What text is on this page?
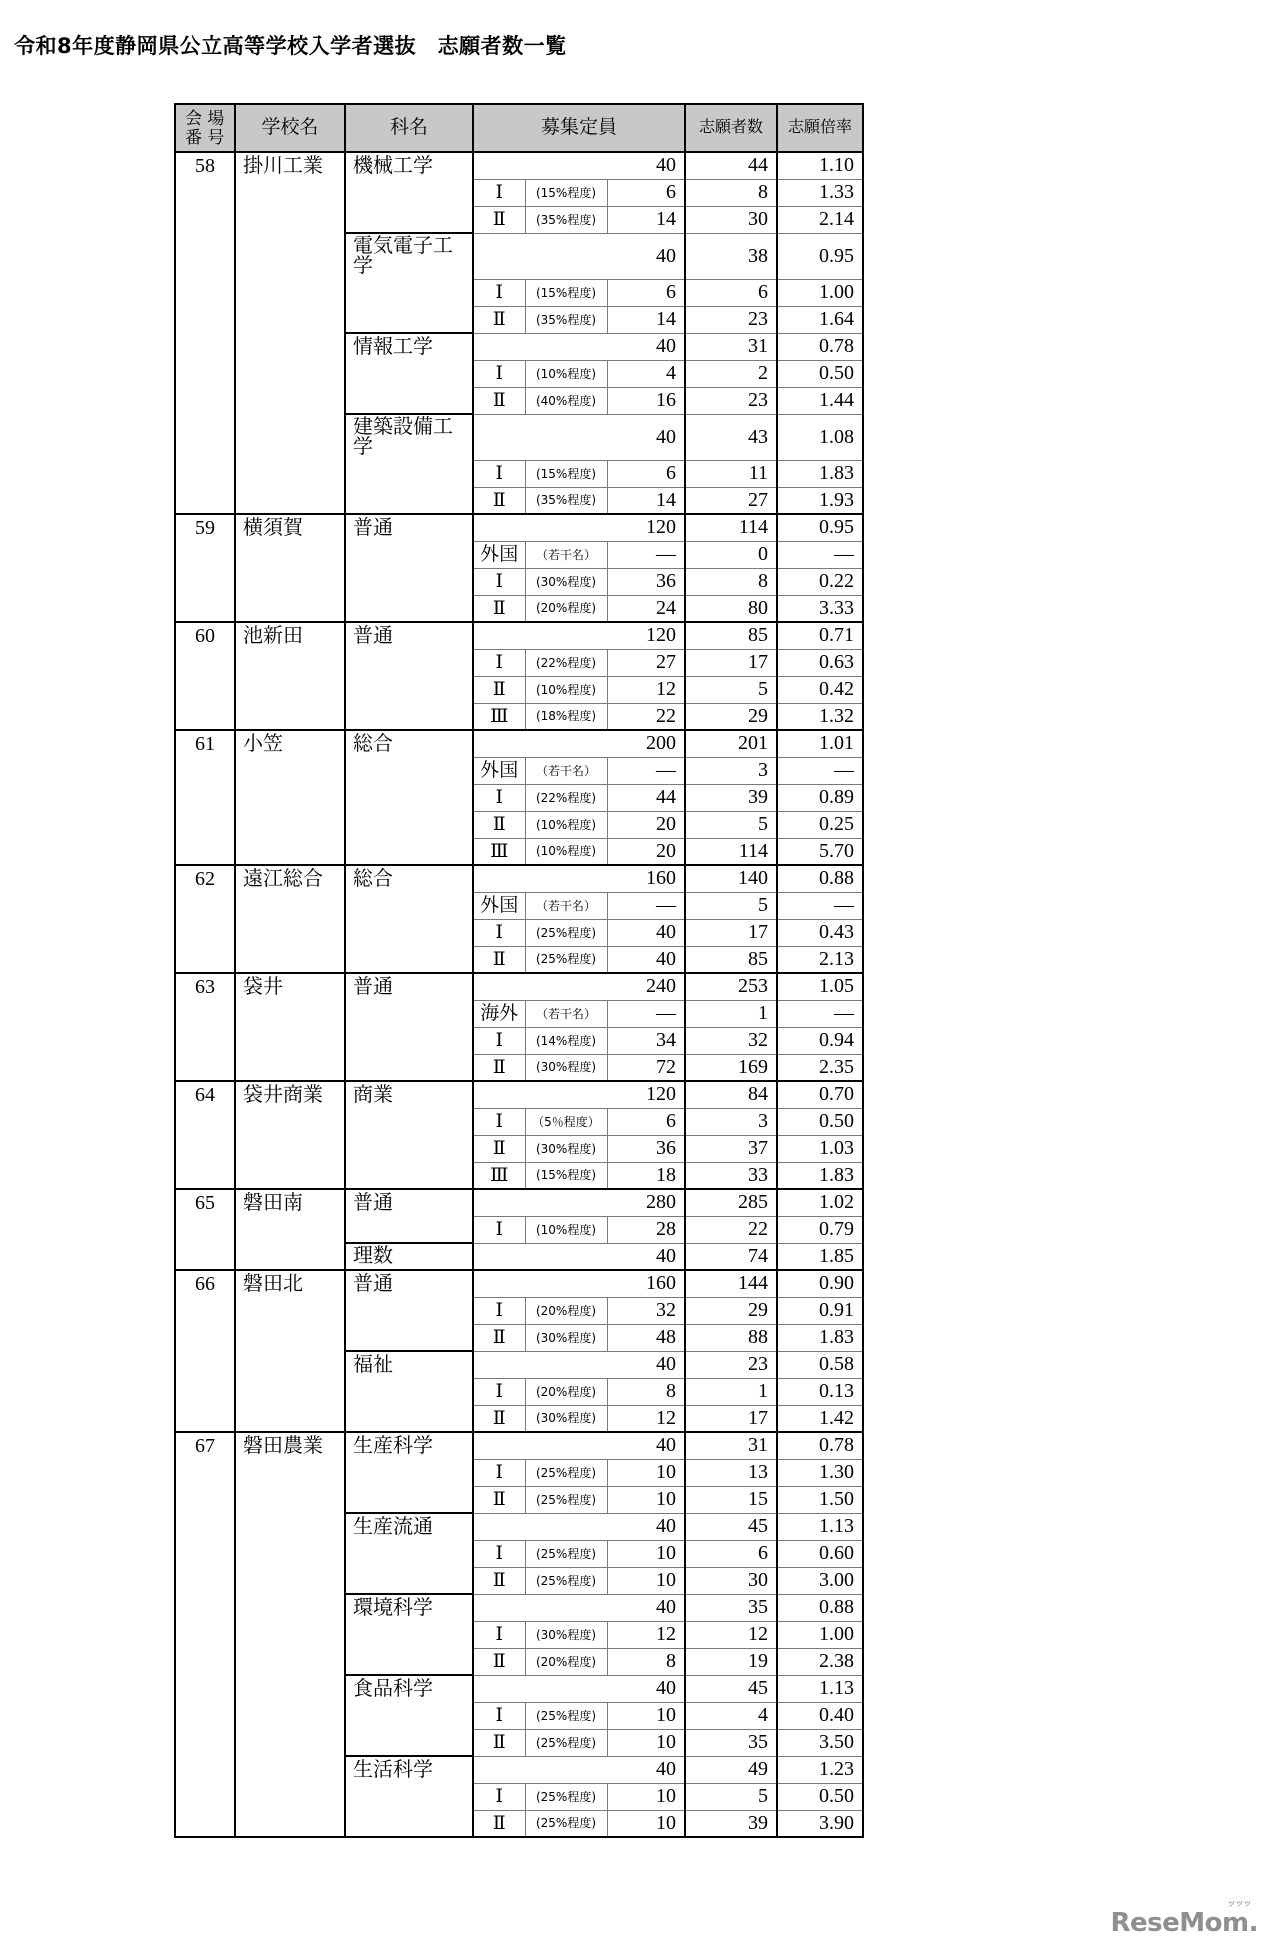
令和8年度静岡県公立高等学校入学者選抜　志願者数一覧
会 場
番 号	学校名	科名	募集定員			志願者数	志願倍率
58	掛川工業	機械工学			40	44	1.10
			Ⅰ	(15%程度)	6	8	1.33
			Ⅱ	(35%程度)	14	30	2.14
		電気電子工学			40	38	0.95
			Ⅰ	(15%程度)	6	6	1.00
			Ⅱ	(35%程度)	14	23	1.64
		情報工学			40	31	0.78
			Ⅰ	(10%程度)	4	2	0.50
			Ⅱ	(40%程度)	16	23	1.44
		建築設備工学			40	43	1.08
			Ⅰ	(15%程度)	6	11	1.83
			Ⅱ	(35%程度)	14	27	1.93
59	横須賀	普通			120	114	0.95
			外国	（若干名）	―	0	―
			Ⅰ	(30%程度)	36	8	0.22
			Ⅱ	(20%程度)	24	80	3.33
60	池新田	普通			120	85	0.71
			Ⅰ	(22%程度)	27	17	0.63
			Ⅱ	(10%程度)	12	5	0.42
			Ⅲ	(18%程度)	22	29	1.32
61	小笠	総合			200	201	1.01
			外国	（若干名）	―	3	―
			Ⅰ	(22%程度)	44	39	0.89
			Ⅱ	(10%程度)	20	5	0.25
			Ⅲ	(10%程度)	20	114	5.70
62	遠江総合	総合			160	140	0.88
			外国	（若干名）	―	5	―
			Ⅰ	(25%程度)	40	17	0.43
			Ⅱ	(25%程度)	40	85	2.13
63	袋井	普通			240	253	1.05
			海外	（若干名）	―	1	―
			Ⅰ	(14%程度)	34	32	0.94
			Ⅱ	(30%程度)	72	169	2.35
64	袋井商業	商業			120	84	0.70
			Ⅰ	（5％程度）	6	3	0.50
			Ⅱ	(30%程度)	36	37	1.03
			Ⅲ	(15%程度)	18	33	1.83
65	磐田南	普通			280	285	1.02
			Ⅰ	(10%程度)	28	22	0.79
		理数			40	74	1.85
66	磐田北	普通			160	144	0.90
			Ⅰ	(20%程度)	32	29	0.91
			Ⅱ	(30%程度)	48	88	1.83
		福祉			40	23	0.58
			Ⅰ	(20%程度)	8	1	0.13
			Ⅱ	(30%程度)	12	17	1.42
67	磐田農業	生産科学			40	31	0.78
			Ⅰ	(25%程度)	10	13	1.30
			Ⅱ	(25%程度)	10	15	1.50
		生産流通			40	45	1.13
			Ⅰ	(25%程度)	10	6	0.60
			Ⅱ	(25%程度)	10	30	3.00
		環境科学			40	35	0.88
			Ⅰ	(30%程度)	12	12	1.00
			Ⅱ	(20%程度)	8	19	2.38
		食品科学			40	45	1.13
			Ⅰ	(25%程度)	10	4	0.40
			Ⅱ	(25%程度)	10	35	3.50
		生活科学			40	49	1.23
			Ⅰ	(25%程度)	10	5	0.50
			Ⅱ	(25%程度)	10	39	3.90
ReseMom
ツツツ
.
